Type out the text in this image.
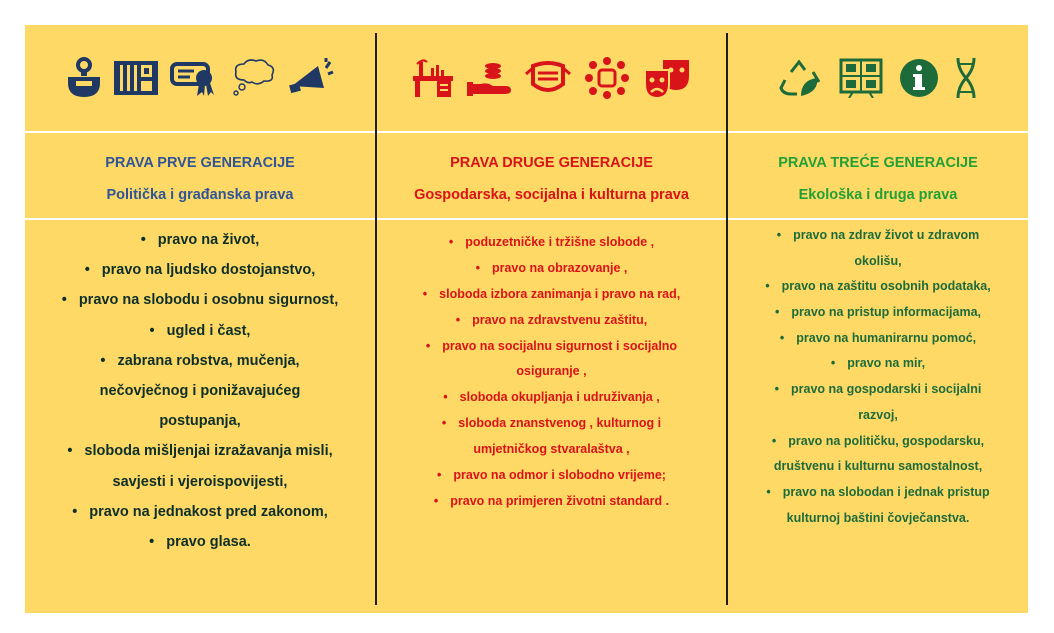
PRAVA PRVE GENERACIJE
Politička i građanska prava
• pravo na život,
• pravo na ljudsko dostojanstvo,
• pravo na slobodu i osobnu sigurnost,
• ugled i čast,
• zabrana robstva, mučenja,
nečovječnog i ponižavajućeg
postupanja,
• sloboda mišljenjai izražavanja misli,
savjesti i vjeroispovijesti,
• pravo na jednakost pred zakonom,
• pravo glasa.
PRAVA DRUGE GENERACIJE
Gospodarska, socijalna i kulturna prava
• poduzetničke i tržišne slobode ,
• pravo na obrazovanje ,
• sloboda izbora zanimanja i pravo na rad,
• pravo na zdravstvenu zaštitu,
• pravo na socijalnu sigurnost i socijalno
osiguranje ,
• sloboda okupljanja i udruživanja ,
• sloboda znanstvenog , kulturnog i
umjetničkog stvaralaštva ,
• pravo na odmor i slobodno vrijeme;
• pravo na primjeren životni standard .
PRAVA TREĆE GENERACIJE
Ekološka i druga prava
• pravo na zdrav život u zdravom
okolišu,
• pravo na zaštitu osobnih podataka,
• pravo na pristup informacijama,
• pravo na humanirarnu pomoć,
• pravo na mir,
• pravo na gospodarski i socijalni
razvoj,
• pravo na političku, gospodarsku,
društvenu i kulturnu samostalnost,
• pravo na slobodan i jednak pristup
kulturnoj baštini čovječanstva.
